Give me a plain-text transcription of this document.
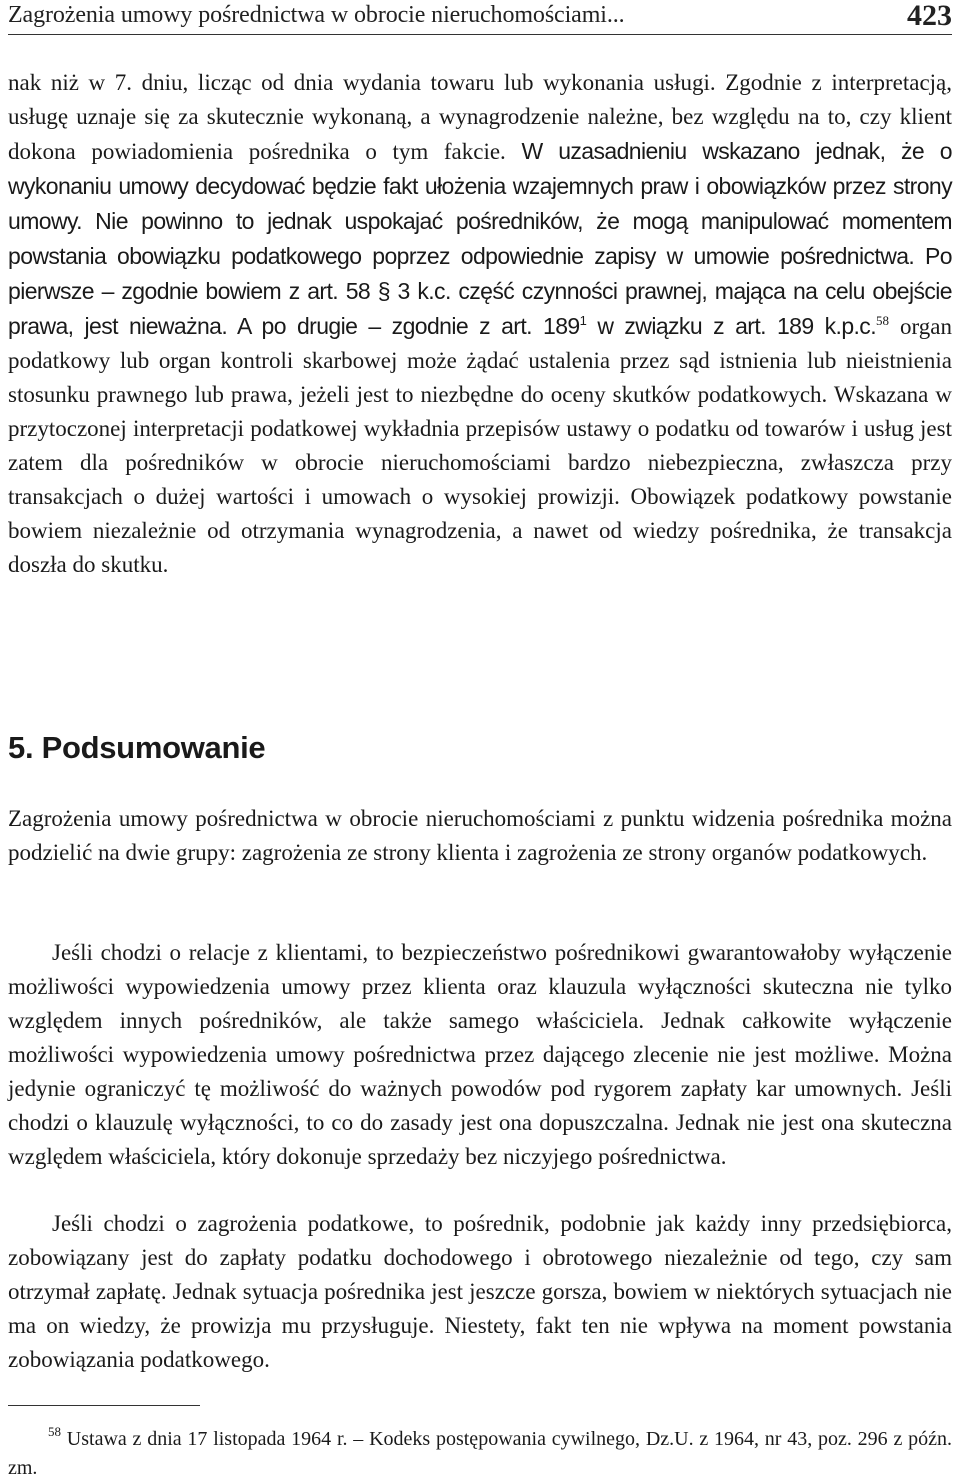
Zagrożenia umowy pośrednictwa w obrocie nieruchomościami...	423

nak niż w 7. dniu, licząc od dnia wydania towaru lub wykonania usługi. Zgodnie z interpretacją, usługę uznaje się za skutecznie wykonaną, a wynagrodzenie należne, bez względu na to, czy klient dokona powiadomienia pośrednika o tym fakcie. W uzasadnieniu wskazano jednak, że o wykonaniu umowy decydować będzie fakt ułożenia wzajemnych praw i obowiązków przez strony umowy. Nie powinno to jednak uspokajać pośredników, że mogą manipulować momentem powstania obowiązku podatkowego poprzez odpowiednie zapisy w umowie pośrednictwa. Po pierwsze – zgodnie bowiem z art. 58 § 3 k.c. część czynności prawnej, mająca na celu obejście prawa, jest nieważna. A po drugie – zgodnie z art. $189^1$ w związku z art. 189 k.p.c.$^{58}$ organ podatkowy lub organ kontroli skarbowej może żądać ustalenia przez sąd istnienia lub nieistnienia stosunku prawnego lub prawa, jeżeli jest to niezbędne do oceny skutków podatkowych. Wskazana w przytoczonej interpretacji podatkowej wykładnia przepisów ustawy o podatku od towarów i usług jest zatem dla pośredników w obrocie nieruchomościami bardzo niebezpieczna, zwłaszcza przy transakcjach o dużej wartości i umowach o wysokiej prowizji. Obowiązek podatkowy powstanie bowiem niezależnie od otrzymania wynagrodzenia, a nawet od wiedzy pośrednika, że transakcja doszła do skutku.

5. Podsumowanie

Zagrożenia umowy pośrednictwa w obrocie nieruchomościami z punktu widzenia pośrednika można podzielić na dwie grupy: zagrożenia ze strony klienta i zagrożenia ze strony organów podatkowych.

Jeśli chodzi o relacje z klientami, to bezpieczeństwo pośrednikowi gwarantowałoby wyłączenie możliwości wypowiedzenia umowy przez klienta oraz klauzula wyłączności skuteczna nie tylko względem innych pośredników, ale także samego właściciela. Jednak całkowite wyłączenie możliwości wypowiedzenia umowy pośrednictwa przez dającego zlecenie nie jest możliwe. Można jedynie ograniczyć tę możliwość do ważnych powodów pod rygorem zapłaty kar umownych. Jeśli chodzi o klauzulę wyłączności, to co do zasady jest ona dopuszczalna. Jednak nie jest ona skuteczna względem właściciela, który dokonuje sprzedaży bez niczyjego pośrednictwa.

Jeśli chodzi o zagrożenia podatkowe, to pośrednik, podobnie jak każdy inny przedsiębiorca, zobowiązany jest do zapłaty podatku dochodowego i obrotowego niezależnie od tego, czy sam otrzymał zapłatę. Jednak sytuacja pośrednika jest jeszcze gorsza, bowiem w niektórych sytuacjach nie ma on wiedzy, że prowizja mu przysługuje. Niestety, fakt ten nie wpływa na moment powstania zobowiązania podatkowego.

$^{58}$ Ustawa z dnia 17 listopada 1964 r. – Kodeks postępowania cywilnego, Dz.U. z 1964, nr 43, poz. 296 z późn. zm.
